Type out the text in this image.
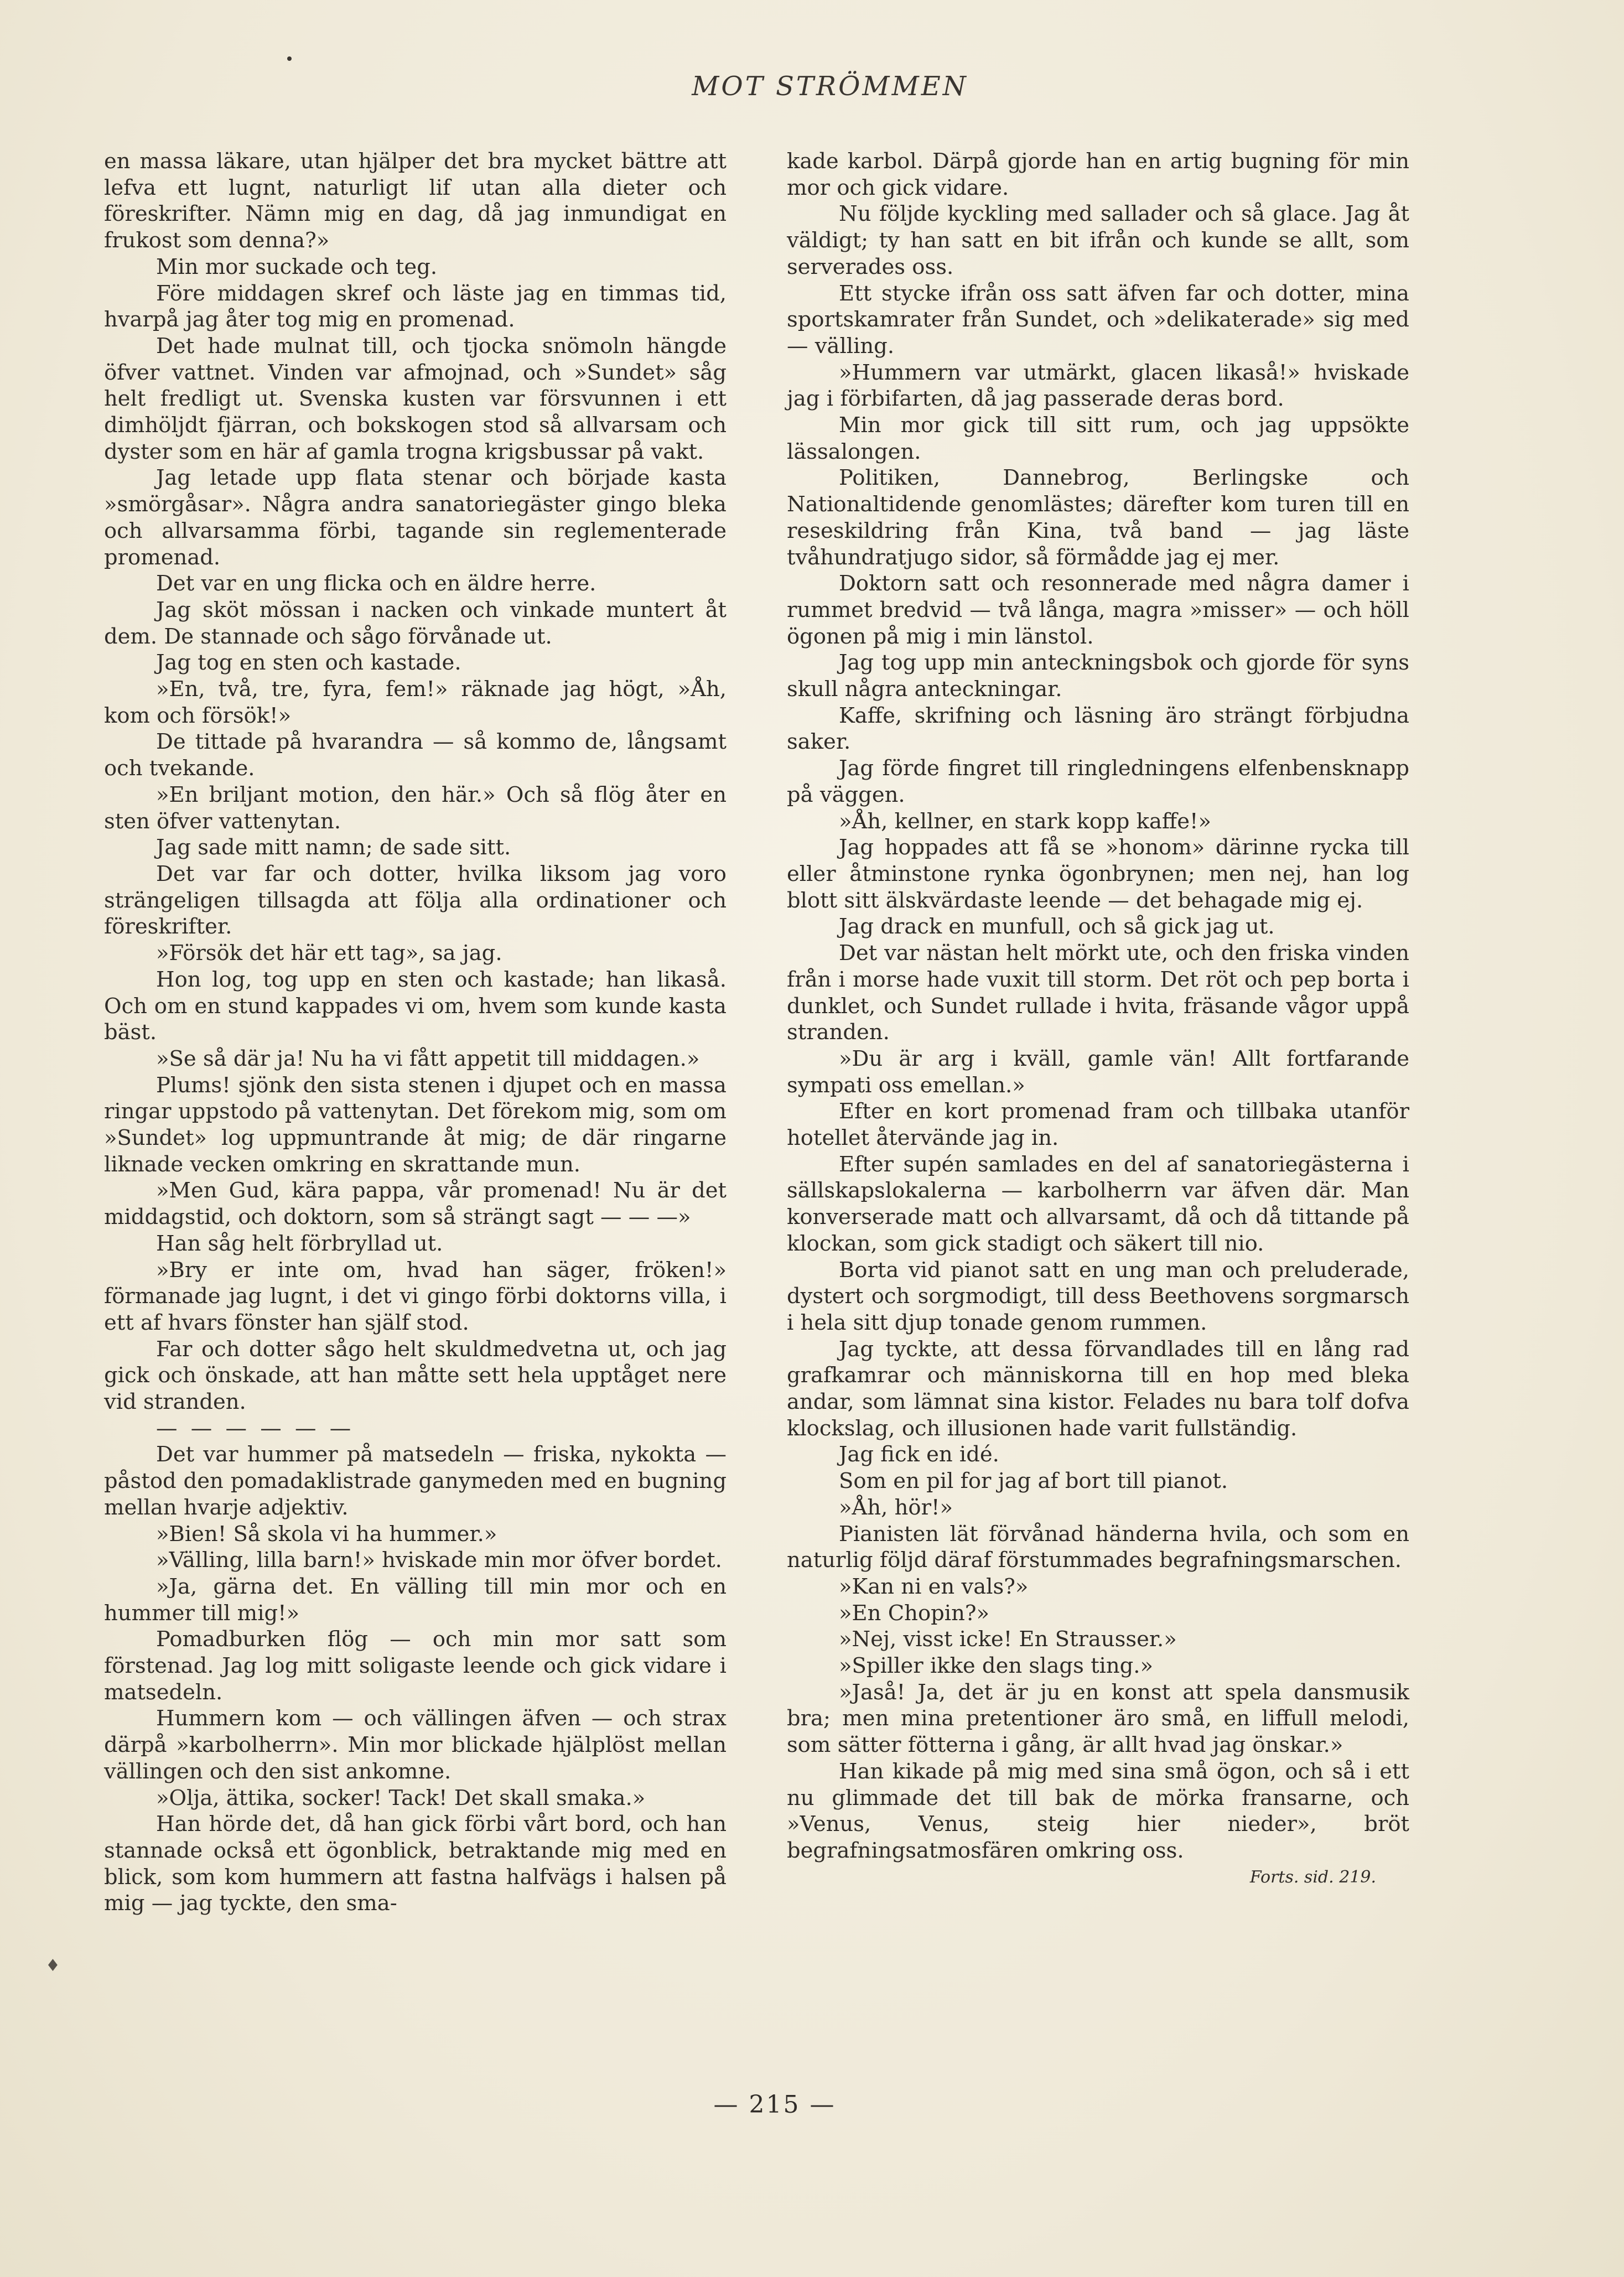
MOT STRÖMMEN

en massa läkare, utan hjälper det bra mycket bättre att lefva ett lugnt, naturligt lif utan alla dieter och föreskrifter. Nämn mig en dag, då jag inmundigat en frukost som denna?»

Min mor suckade och teg.

Före middagen skref och läste jag en timmas tid, hvarpå jag åter tog mig en promenad.

Det hade mulnat till, och tjocka snömoln hängde öfver vattnet. Vinden var afmojnad, och »Sundet» såg helt fredligt ut. Svenska kusten var försvunnen i ett dimhöljdt fjärran, och bokskogen stod så allvarsam och dyster som en här af gamla trogna krigsbussar på vakt.

Jag letade upp flata stenar och började kasta »smörgåsar». Några andra sanatoriegäster gingo bleka och allvarsamma förbi, tagande sin reglementerade promenad.

Det var en ung flicka och en äldre herre.

Jag sköt mössan i nacken och vinkade muntert åt dem. De stannade och sågo förvånade ut.

Jag tog en sten och kastade.

»En, två, tre, fyra, fem!» räknade jag högt, »Åh, kom och försök!»

De tittade på hvarandra — så kommo de, långsamt och tvekande.

»En briljant motion, den här.» Och så flög åter en sten öfver vattenytan.

Jag sade mitt namn; de sade sitt.

Det var far och dotter, hvilka liksom jag voro strängeligen tillsagda att följa alla ordinationer och föreskrifter.

»Försök det här ett tag», sa jag.

Hon log, tog upp en sten och kastade; han likaså. Och om en stund kappades vi om, hvem som kunde kasta bäst.

»Se så där ja! Nu ha vi fått appetit till middagen.»

Plums! sjönk den sista stenen i djupet och en massa ringar uppstodo på vattenytan. Det förekom mig, som om »Sundet» log uppmuntrande åt mig; de där ringarne liknade vecken omkring en skrattande mun.

»Men Gud, kära pappa, vår promenad! Nu är det middagstid, och doktorn, som så strängt sagt — — —»

Han såg helt förbryllad ut.

»Bry er inte om, hvad han säger, fröken!» förmanade jag lugnt, i det vi gingo förbi doktorns villa, i ett af hvars fönster han själf stod.

Far och dotter sågo helt skuldmedvetna ut, och jag gick och önskade, att han måtte sett hela upptåget nere vid stranden.

— — — — — —

Det var hummer på matsedeln — friska, nykokta — påstod den pomadaklistrade ganymeden med en bugning mellan hvarje adjektiv.

»Bien! Så skola vi ha hummer.»

»Välling, lilla barn!» hviskade min mor öfver bordet.

»Ja, gärna det. En välling till min mor och en hummer till mig!»

Pomadburken flög — och min mor satt som förstenad. Jag log mitt soligaste leende och gick vidare i matsedeln.

Hummern kom — och vällingen äfven — och strax därpå »karbolherrn». Min mor blickade hjälplöst mellan vällingen och den sist ankomne.

»Olja, ättika, socker! Tack! Det skall smaka.»

Han hörde det, då han gick förbi vårt bord, och han stannade också ett ögonblick, betraktande mig med en blick, som kom hummern att fastna halfvägs i halsen på mig — jag tyckte, den sma-

kade karbol. Därpå gjorde han en artig bugning för min mor och gick vidare.

Nu följde kyckling med sallader och så glace. Jag åt väldigt; ty han satt en bit ifrån och kunde se allt, som serverades oss.

Ett stycke ifrån oss satt äfven far och dotter, mina sportskamrater från Sundet, och »delikaterade» sig med — välling.

»Hummern var utmärkt, glacen likaså!» hviskade jag i förbifarten, då jag passerade deras bord.

Min mor gick till sitt rum, och jag uppsökte lässalongen.

Politiken, Dannebrog, Berlingske och Nationaltidende genomlästes; därefter kom turen till en reseskildring från Kina, två band — jag läste tvåhundratjugo sidor, så förmådde jag ej mer.

Doktorn satt och resonnerade med några damer i rummet bredvid — två långa, magra »misser» — och höll ögonen på mig i min länstol.

Jag tog upp min anteckningsbok och gjorde för syns skull några anteckningar.

Kaffe, skrifning och läsning äro strängt förbjudna saker.

Jag förde fingret till ringledningens elfenbensknapp på väggen.

»Åh, kellner, en stark kopp kaffe!»

Jag hoppades att få se »honom» därinne rycka till eller åtminstone rynka ögonbrynen; men nej, han log blott sitt älskvärdaste leende — det behagade mig ej.

Jag drack en munfull, och så gick jag ut.

Det var nästan helt mörkt ute, och den friska vinden från i morse hade vuxit till storm. Det röt och pep borta i dunklet, och Sundet rullade i hvita, fräsande vågor uppå stranden.

»Du är arg i kväll, gamle vän! Allt fortfarande sympati oss emellan.»

Efter en kort promenad fram och tillbaka utanför hotellet återvände jag in.

Efter supén samlades en del af sanatoriegästerna i sällskapslokalerna — karbolherrn var äfven där. Man konverserade matt och allvarsamt, då och då tittande på klockan, som gick stadigt och säkert till nio.

Borta vid pianot satt en ung man och preluderade, dystert och sorgmodigt, till dess Beethovens sorgmarsch i hela sitt djup tonade genom rummen.

Jag tyckte, att dessa förvandlades till en lång rad grafkamrar och människorna till en hop med bleka andar, som lämnat sina kistor. Felades nu bara tolf dofva klockslag, och illusionen hade varit fullständig.

Jag fick en idé.

Som en pil for jag af bort till pianot.

»Åh, hör!»

Pianisten lät förvånad händerna hvila, och som en naturlig följd däraf förstummades begrafningsmarschen.

»Kan ni en vals?»

»En Chopin?»

»Nej, visst icke! En Strausser.»

»Spiller ikke den slags ting.»

»Jaså! Ja, det är ju en konst att spela dansmusik bra; men mina pretentioner äro små, en liffull melodi, som sätter fötterna i gång, är allt hvad jag önskar.»

Han kikade på mig med sina små ögon, och så i ett nu glimmade det till bak de mörka fransarne, och »Venus, Venus, steig hier nieder», bröt begrafningsatmosfären omkring oss.

Forts. sid. 219.

♦
— 215 —
